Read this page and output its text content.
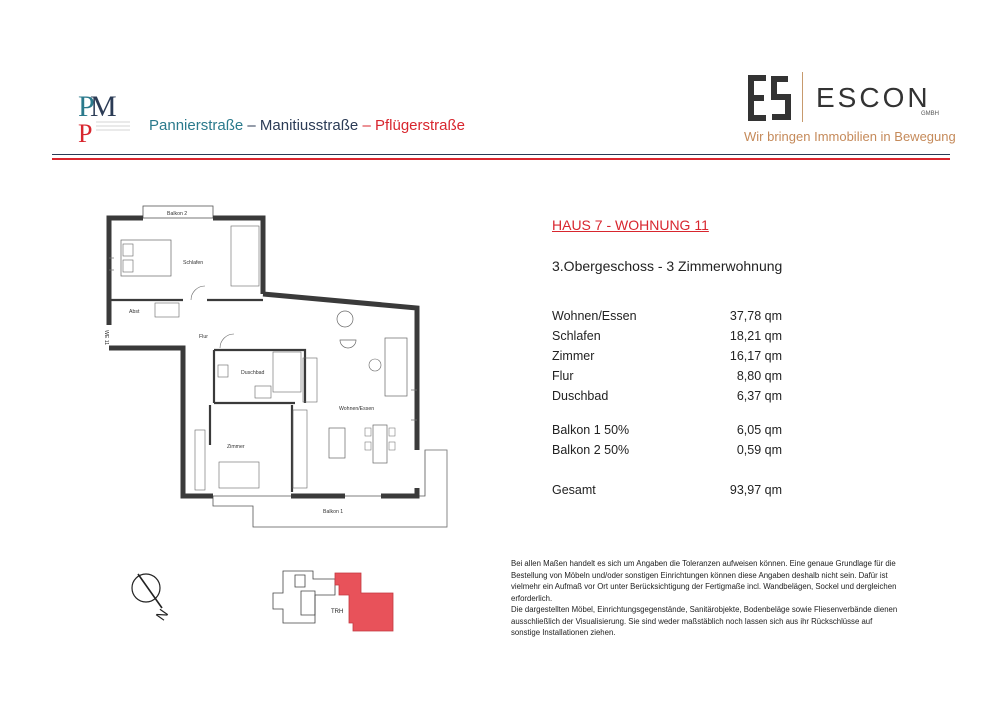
P
M
P	Pannierstraße – Manitiusstraße – Pflügerstraße
ESCON
GMBH
Wir bringen Immobilien in Bewegung
HAUS 7 - WOHNUNG 11
3.Obergeschoss - 3 Zimmerwohnung
Wohnen/Essen	37,78 qm
Schlafen	18,21 qm
Zimmer	16,17 qm
Flur	8,80 qm
Duschbad	6,37 qm
Balkon 1 50%	6,05 qm
Balkon 2 50%	0,59 qm
Gesamt	93,97 qm

Bei allen Maßen handelt es sich um Angaben die Toleranzen aufweisen können. Eine genaue Grundlage für die Bestellung von Möbeln und/oder sonstigen Einrichtungen können diese Angaben deshalb nicht sein. Dafür ist vielmehr ein Aufmaß vor Ort unter Berücksichtigung der Fertigmaße incl. Wandbelägen, Sockel und dergleichen erforderlich.

Die dargestellten Möbel, Einrichtungsgegenstände, Sanitärobjekte, Bodenbeläge sowie Fliesenverbände dienen ausschließlich der Visualisierung. Sie sind weder maßstäblich noch lassen sich aus ihr Rückschlüsse auf sonstige Installationen ziehen.

Balkon 2
Schlafen
Abst
Flur
Duschbad
Wohnen/Essen
Zimmer
Balkon 1
WE 11
N	TRH
